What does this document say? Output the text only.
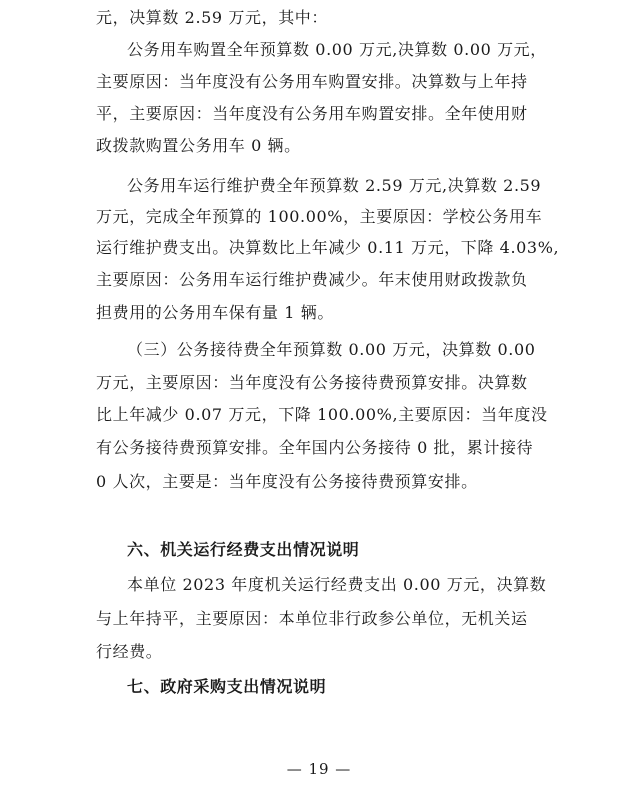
元，决算数 2.59 万元，其中：
公务用车购置全年预算数 0.00 万元,决算数 0.00 万元，
主要原因：当年度没有公务用车购置安排。决算数与上年持
平，主要原因：当年度没有公务用车购置安排。全年使用财
政拨款购置公务用车 0 辆。
公务用车运行维护费全年预算数 2.59 万元,决算数 2.59
万元，完成全年预算的 100.00%，主要原因：学校公务用车
运行维护费支出。决算数比上年减少 0.11 万元，下降 4.03%,
主要原因：公务用车运行维护费减少。年末使用财政拨款负
担费用的公务用车保有量 1 辆。
（三）公务接待费全年预算数 0.00 万元，决算数 0.00
万元，主要原因：当年度没有公务接待费预算安排。决算数
比上年减少 0.07 万元，下降 100.00%,主要原因：当年度没
有公务接待费预算安排。全年国内公务接待 0 批，累计接待
0 人次，主要是：当年度没有公务接待费预算安排。
六、机关运行经费支出情况说明
本单位 2023 年度机关运行经费支出 0.00 万元，决算数
与上年持平，主要原因：本单位非行政参公单位，无机关运
行经费。
七、政府采购支出情况说明
— 19 —
